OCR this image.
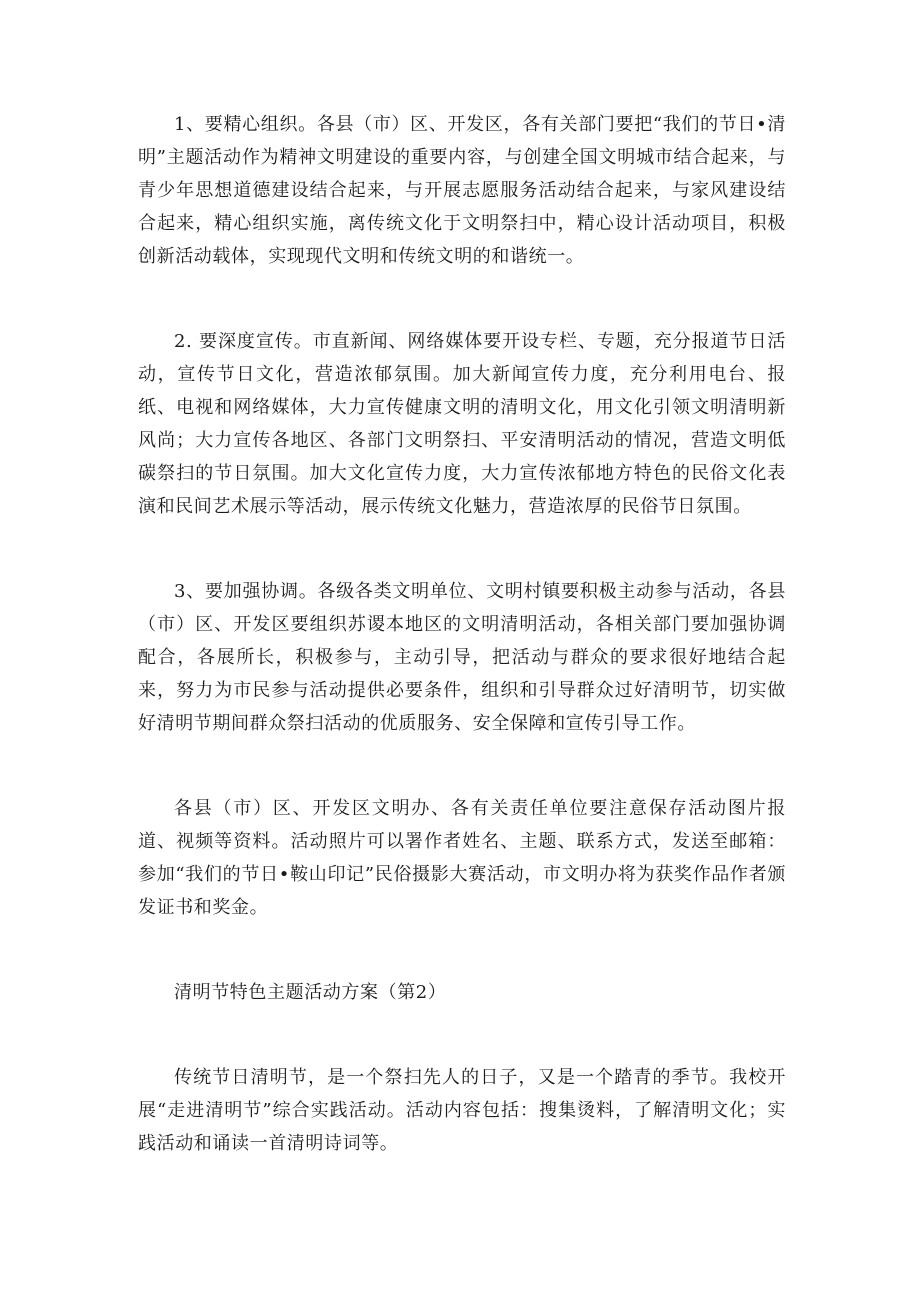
1、要精心组织。各县（市）区、开发区，各有关部门要把“我们的节日•清明”主题活动作为精神文明建设的重要内容，与创建全国文明城市结合起来，与青少年思想道德建设结合起来，与开展志愿服务活动结合起来，与家风建设结合起来，精心组织实施，离传统文化于文明祭扫中，精心设计活动项目，积极创新活动载体，实现现代文明和传统文明的和谐统一。

2. 要深度宣传。市直新闻、网络媒体要开设专栏、专题，充分报道节日活动，宣传节日文化，营造浓郁氛围。加大新闻宣传力度，充分利用电台、报纸、电视和网络媒体，大力宣传健康文明的清明文化，用文化引领文明清明新风尚；大力宣传各地区、各部门文明祭扫、平安清明活动的情况，营造文明低碳祭扫的节日氛围。加大文化宣传力度，大力宣传浓郁地方特色的民俗文化表演和民间艺术展示等活动，展示传统文化魅力，营造浓厚的民俗节日氛围。

3、要加强协调。各级各类文明单位、文明村镇要积极主动参与活动，各县（市）区、开发区要组织苏谡本地区的文明清明活动，各相关部门要加强协调配合，各展所长，积极参与，主动引导，把活动与群众的要求很好地结合起来，努力为市民参与活动提供必要条件，组织和引导群众过好清明节，切实做好清明节期间群众祭扫活动的优质服务、安全保障和宣传引导工作。

各县（市）区、开发区文明办、各有关责任单位要注意保存活动图片报道、视频等资料。活动照片可以署作者姓名、主题、联系方式，发送至邮箱：参加“我们的节日•鞍山印记”民俗摄影大赛活动，市文明办将为获奖作品作者颁发证书和奖金。

清明节特色主题活动方案（第2）

传统节日清明节，是一个祭扫先人的日子，又是一个踏青的季节。我校开展“走进清明节”综合实践活动。活动内容包括：搜集烫料，了解清明文化；实践活动和诵读一首清明诗词等。
